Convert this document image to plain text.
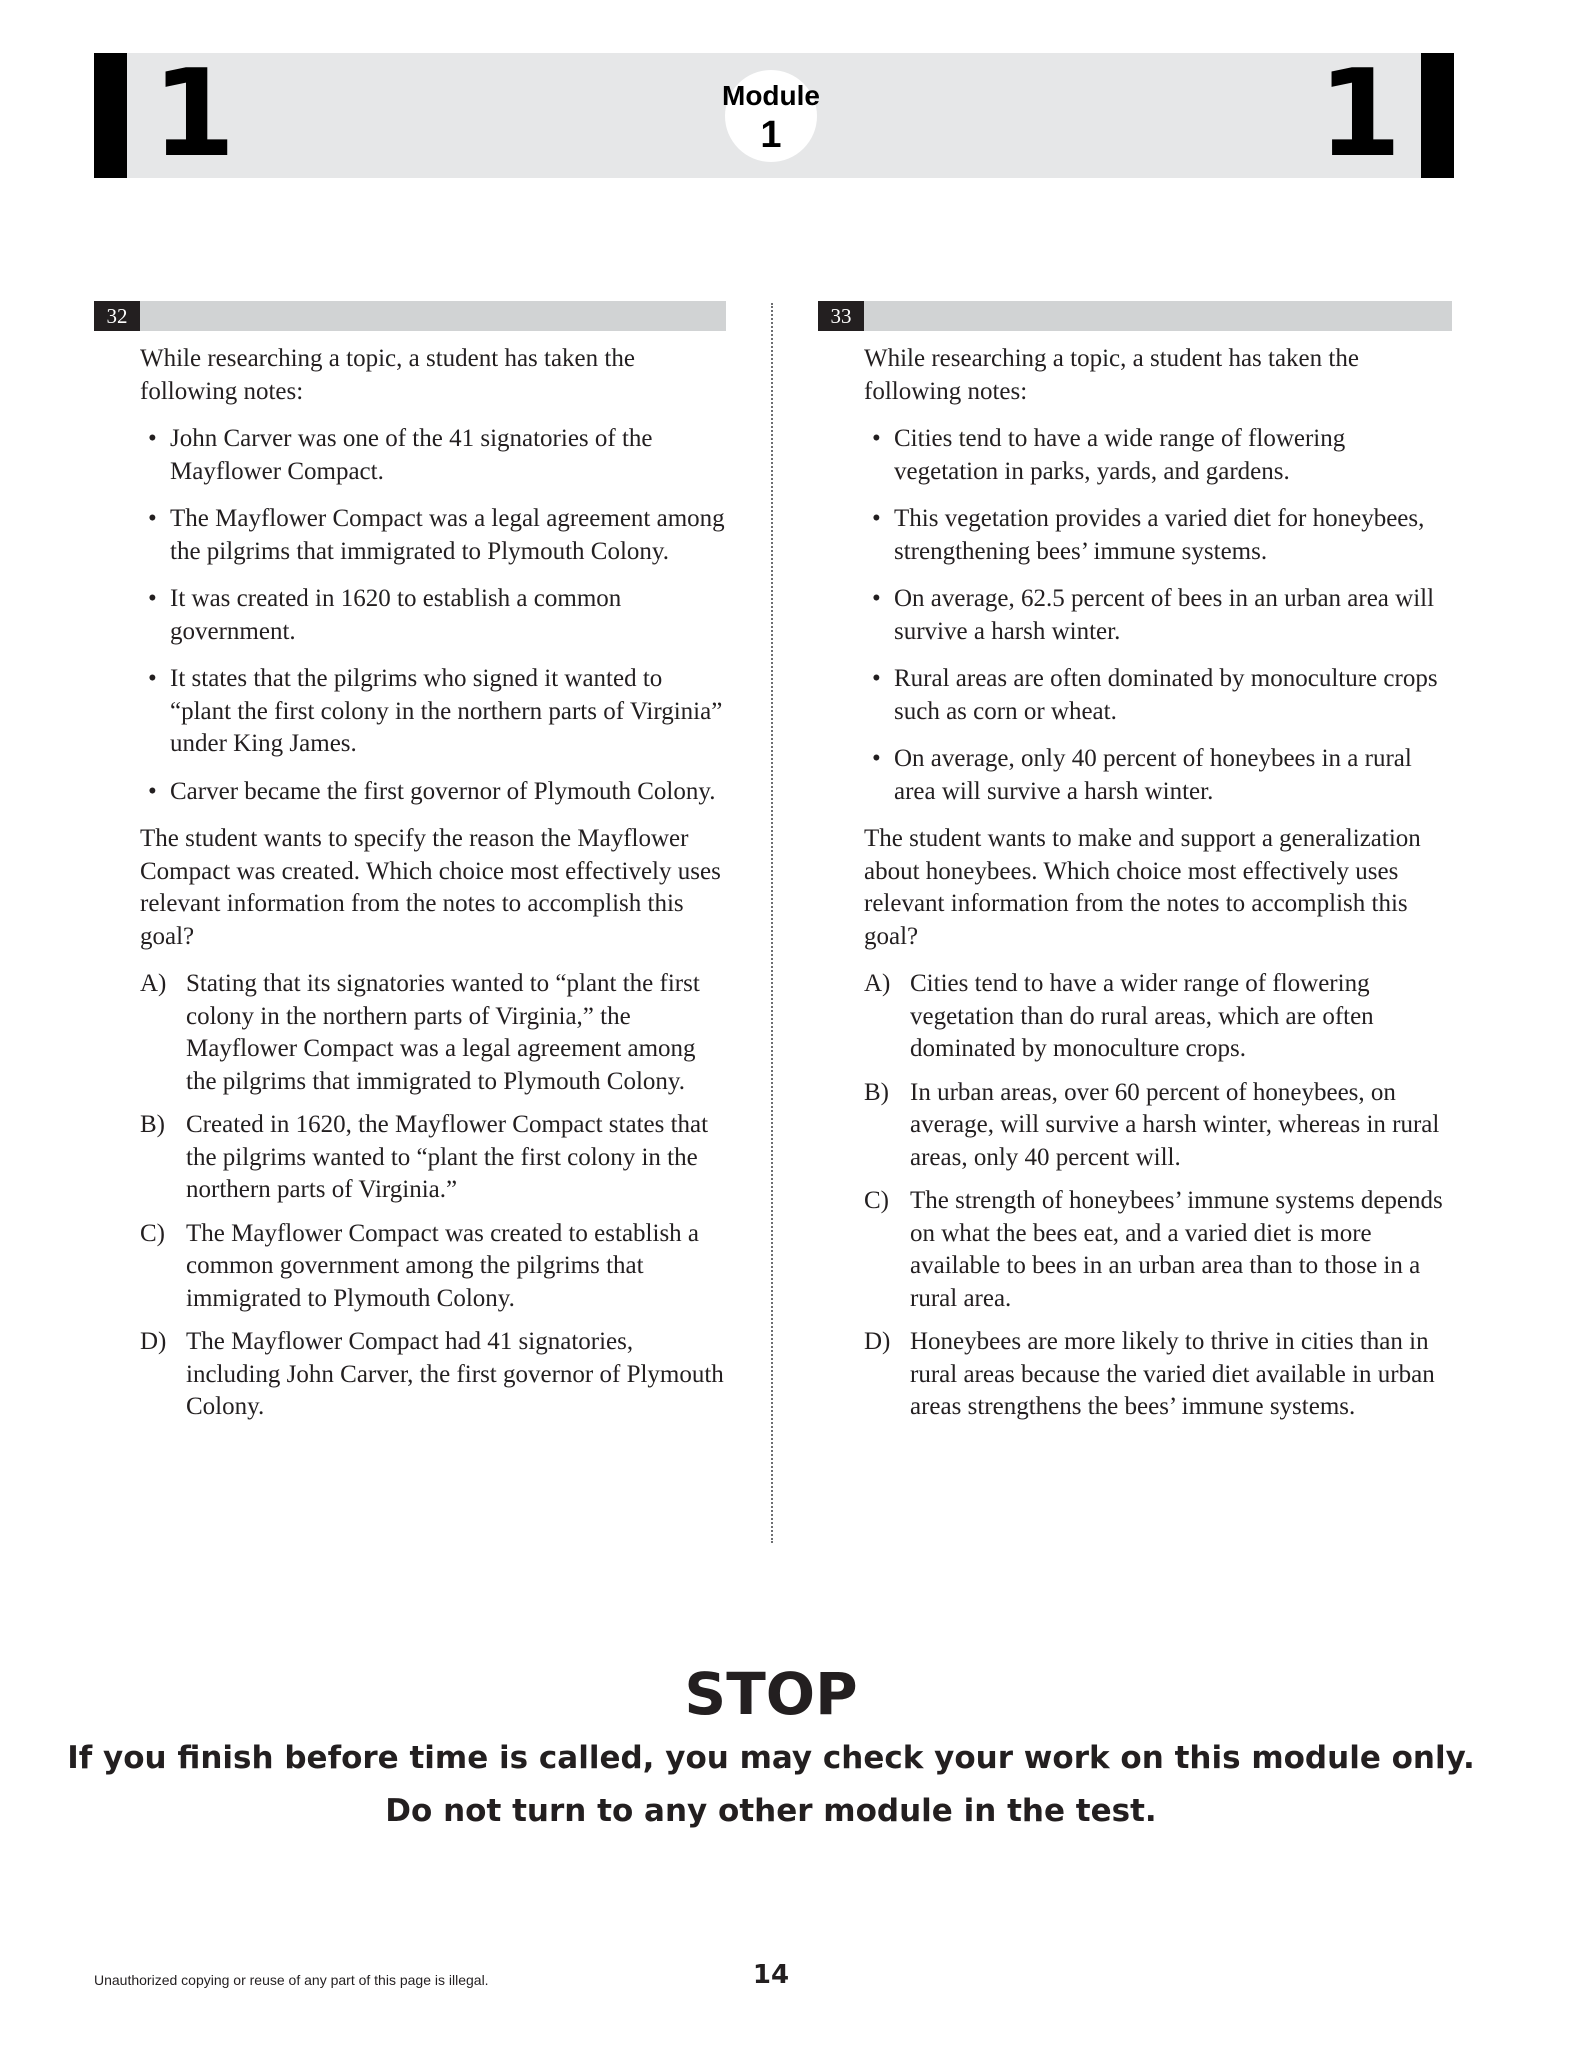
1	1
Module
1
32

While researching a topic, a student has taken the following notes:

• John Carver was one of the 41 signatories of the Mayflower Compact.
• The Mayflower Compact was a legal agreement among the pilgrims that immigrated to Plymouth Colony.
• It was created in 1620 to establish a common government.
• It states that the pilgrims who signed it wanted to “plant the first colony in the northern parts of Virginia” under King James.
• Carver became the first governor of Plymouth Colony.

The student wants to specify the reason the Mayflower Compact was created. Which choice most effectively uses relevant information from the notes to accomplish this goal?

A) Stating that its signatories wanted to “plant the first colony in the northern parts of Virginia,” the Mayflower Compact was a legal agreement among the pilgrims that immigrated to Plymouth Colony.
B) Created in 1620, the Mayflower Compact states that the pilgrims wanted to “plant the first colony in the northern parts of Virginia.”
C) The Mayflower Compact was created to establish a common government among the pilgrims that immigrated to Plymouth Colony.
D) The Mayflower Compact had 41 signatories, including John Carver, the first governor of Plymouth Colony.
33

While researching a topic, a student has taken the following notes:

• Cities tend to have a wide range of flowering vegetation in parks, yards, and gardens.
• This vegetation provides a varied diet for honeybees, strengthening bees’ immune systems.
• On average, 62.5 percent of bees in an urban area will survive a harsh winter.
• Rural areas are often dominated by monoculture crops such as corn or wheat.
• On average, only 40 percent of honeybees in a rural area will survive a harsh winter.

The student wants to make and support a generalization about honeybees. Which choice most effectively uses relevant information from the notes to accomplish this goal?

A) Cities tend to have a wider range of flowering vegetation than do rural areas, which are often dominated by monoculture crops.
B) In urban areas, over 60 percent of honeybees, on average, will survive a harsh winter, whereas in rural areas, only 40 percent will.
C) The strength of honeybees’ immune systems depends on what the bees eat, and a varied diet is more available to bees in an urban area than to those in a rural area.
D) Honeybees are more likely to thrive in cities than in rural areas because the varied diet available in urban areas strengthens the bees’ immune systems.
STOP
If you finish before time is called, you may check your work on this module only.
Do not turn to any other module in the test.
Unauthorized copying or reuse of any part of this page is illegal.	14
